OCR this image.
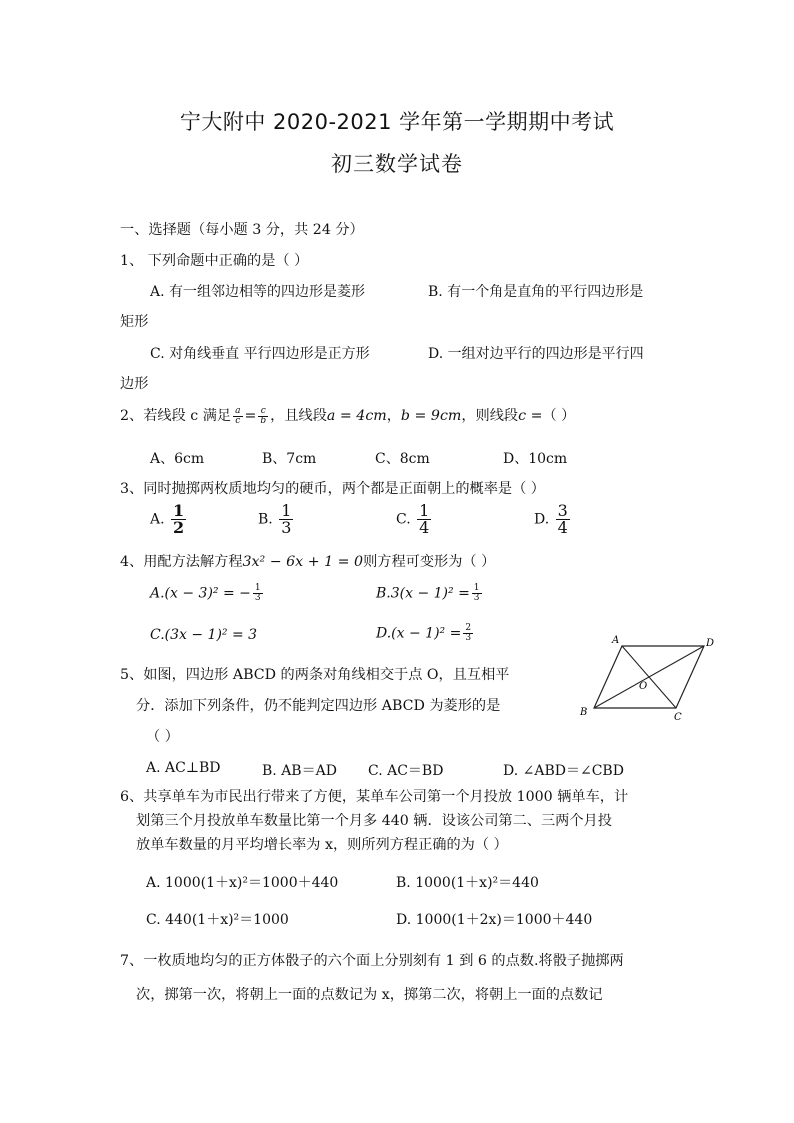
宁大附中 2020-2021 学年第一学期期中考试
初三数学试卷
一、选择题（每小题 3 分，共 24 分）
1、 下列命题中正确的是（ ）
A. 有一组邻边相等的四边形是菱形	B. 有一个角是直角的平行四边形是
矩形
C. 对角线垂直 平行四边形是正方形	D. 一组对边平行的四边形是平行四
边形
2、若线段 c 满足 $\frac{a}{c} = \frac{c}{b}$ ，且线段a = 4cm，b = 9cm，则线段c =（ ）
A、6cm	B、7cm	C、8cm	D、10cm
3、同时抛掷两枚质地均匀的硬币，两个都是正面朝上的概率是（ ）
A. $\frac{1}{2}$	B. $\frac{1}{3}$	C. $\frac{1}{4}$	D. $\frac{3}{4}$
4、用配方法解方程3x² − 6x + 1 = 0则方程可变形为（ ）
A.(x − 3)² = − $\frac{1}{3}$	$B.3(x - 1)^2 = \frac{1}{3}$
C.(3x − 1)² = 3	$D.(x - 1)^2 = \frac{2}{3}$
5、如图，四边形 ABCD 的两条对角线相交于点 O，且互相平
分．添加下列条件，仍不能判定四边形 ABCD 为菱形的是
（ ）
A. AC⊥BD	B. AB＝AD C. AC＝BD	D. ∠ABD＝∠CBD
A	D
B	C
O
6、共享单车为市民出行带来了方便，某单车公司第一个月投放 1000 辆单车，计
划第三个月投放单车数量比第一个月多 440 辆．设该公司第二、三两个月投
放单车数量的月平均增长率为 x，则所列方程正确的为（ ）
A. 1000(1＋x)²＝1000＋440	B. 1000(1＋x)²＝440
C. 440(1＋x)²＝1000	D. 1000(1＋2x)＝1000＋440
7、一枚质地均匀的正方体骰子的六个面上分别刻有 1 到 6 的点数.将骰子抛掷两
次，掷第一次，将朝上一面的点数记为 x，掷第二次，将朝上一面的点数记
